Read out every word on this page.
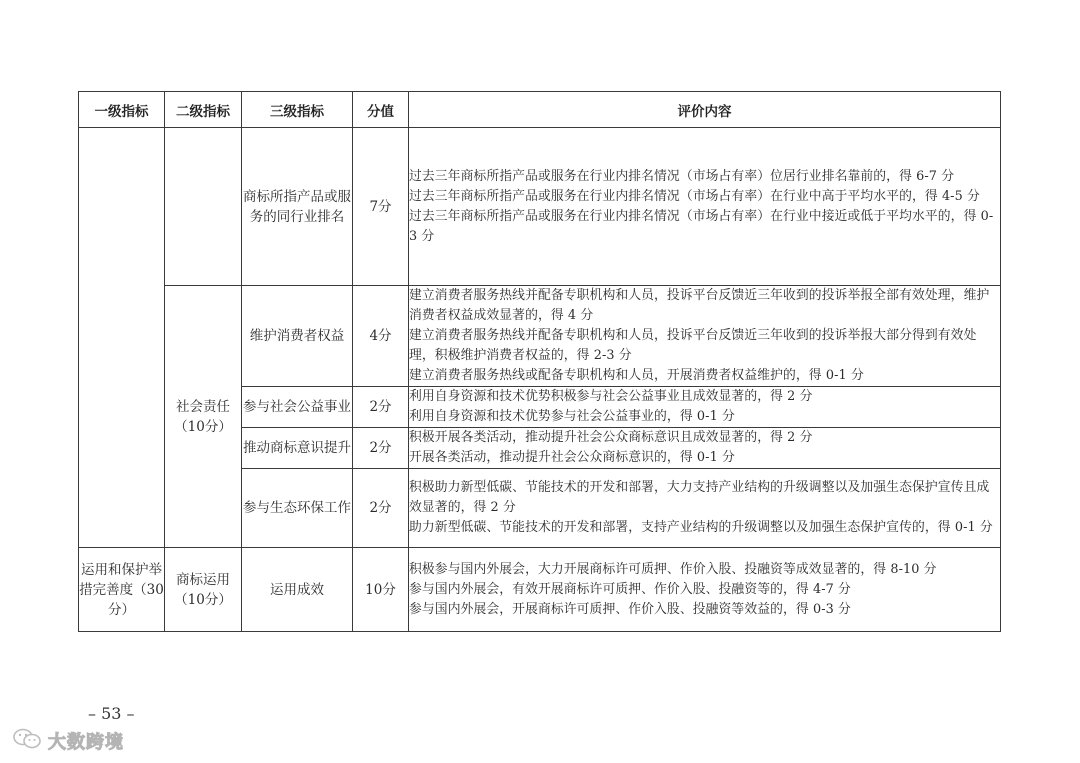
一级指标	二级指标	三级指标	分值	评价内容
		商标所指产品或服务的同行业排名	7分	过去三年商标所指产品或服务在行业内排名情况（市场占有率）位居行业排名靠前的，得 6-7 分
过去三年商标所指产品或服务在行业内排名情况（市场占有率）在行业中高于平均水平的，得 4-5 分
过去三年商标所指产品或服务在行业内排名情况（市场占有率）在行业中接近或低于平均水平的，得 0-3 分

	社会责任（10分）	维护消费者权益	4分	建立消费者服务热线并配备专职机构和人员，投诉平台反馈近三年收到的投诉举报全部有效处理，维护消费者权益成效显著的，得 4 分
建立消费者服务热线并配备专职机构和人员，投诉平台反馈近三年收到的投诉举报大部分得到有效处理，积极维护消费者权益的，得 2-3 分
建立消费者服务热线或配备专职机构和人员，开展消费者权益维护的，得 0-1 分

		参与社会公益事业	2分	利用自身资源和技术优势积极参与社会公益事业且成效显著的，得 2 分
利用自身资源和技术优势参与社会公益事业的，得 0-1 分

		推动商标意识提升	2分	积极开展各类活动，推动提升社会公众商标意识且成效显著的，得 2 分
开展各类活动，推动提升社会公众商标意识的，得 0-1 分

		参与生态环保工作	2分	积极助力新型低碳、节能技术的开发和部署，大力支持产业结构的升级调整以及加强生态保护宣传且成效显著的，得 2 分
助力新型低碳、节能技术的开发和部署，支持产业结构的升级调整以及加强生态保护宣传的，得 0-1 分

运用和保护举措完善度（30分）	商标运用（10分）	运用成效	10分	积极参与国内外展会，大力开展商标许可质押、作价入股、投融资等成效显著的，得 8-10 分
参与国内外展会，有效开展商标许可质押、作价入股、投融资等的，得 4-7 分
参与国内外展会，开展商标许可质押、作价入股、投融资等效益的，得 0-3 分
– 53 –
大数跨境
